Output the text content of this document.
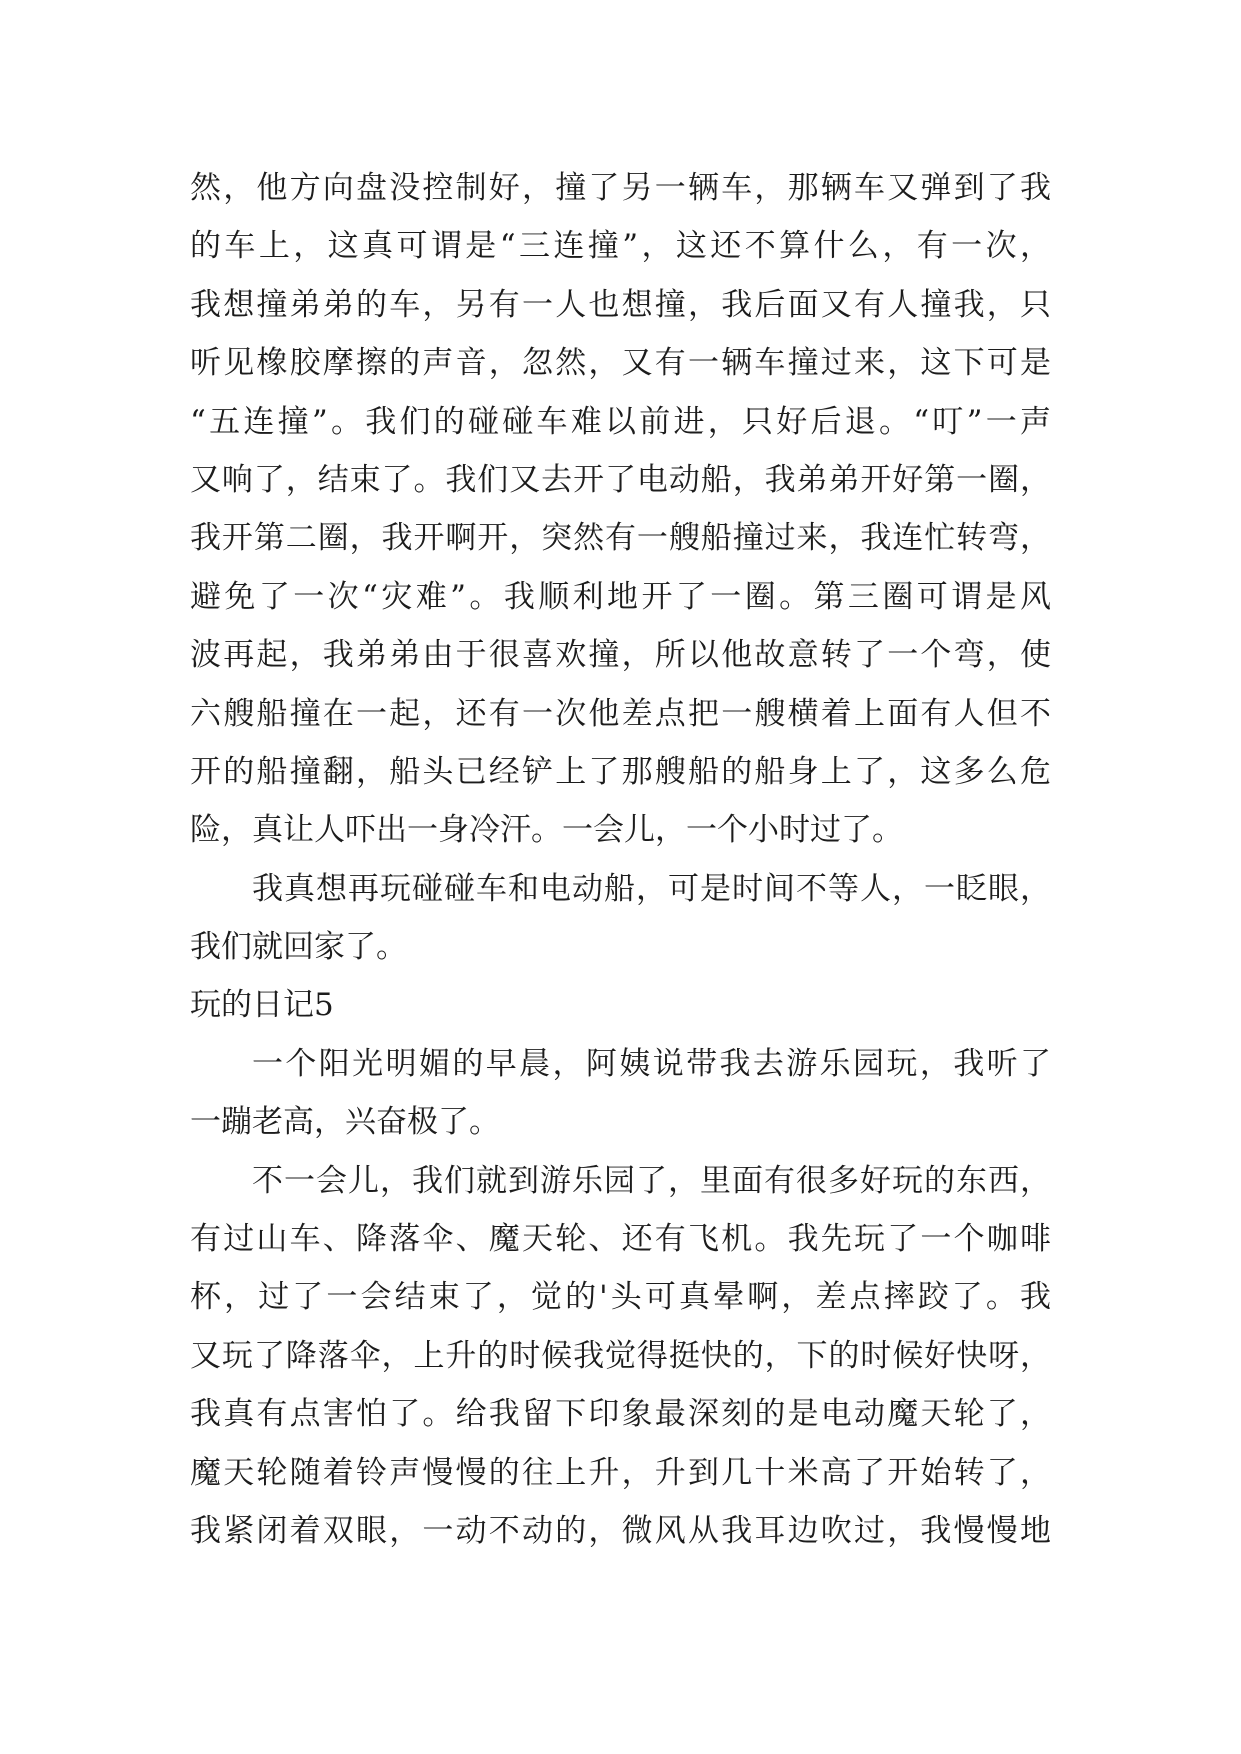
然，他方向盘没控制好，撞了另一辆车，那辆车又弹到了我
的车上，这真可谓是“三连撞”，这还不算什么，有一次，
我想撞弟弟的车，另有一人也想撞，我后面又有人撞我，只
听见橡胶摩擦的声音，忽然，又有一辆车撞过来，这下可是
“五连撞”。我们的碰碰车难以前进，只好后退。“叮”一声
又响了，结束了。我们又去开了电动船，我弟弟开好第一圈，
我开第二圈，我开啊开，突然有一艘船撞过来，我连忙转弯，
避免了一次“灾难”。我顺利地开了一圈。第三圈可谓是风
波再起，我弟弟由于很喜欢撞，所以他故意转了一个弯，使
六艘船撞在一起，还有一次他差点把一艘横着上面有人但不
开的船撞翻，船头已经铲上了那艘船的船身上了，这多么危
险，真让人吓出一身冷汗。一会儿，一个小时过了。
我真想再玩碰碰车和电动船，可是时间不等人，一眨眼，
我们就回家了。
玩的日记5
一个阳光明媚的早晨，阿姨说带我去游乐园玩，我听了
一蹦老高，兴奋极了。
不一会儿，我们就到游乐园了，里面有很多好玩的东西，
有过山车、降落伞、魔天轮、还有飞机。我先玩了一个咖啡
杯，过了一会结束了，觉的'头可真晕啊，差点摔跤了。我
又玩了降落伞，上升的时候我觉得挺快的，下的时候好快呀，
我真有点害怕了。给我留下印象最深刻的是电动魔天轮了，
魔天轮随着铃声慢慢的往上升，升到几十米高了开始转了，
我紧闭着双眼，一动不动的，微风从我耳边吹过，我慢慢地
